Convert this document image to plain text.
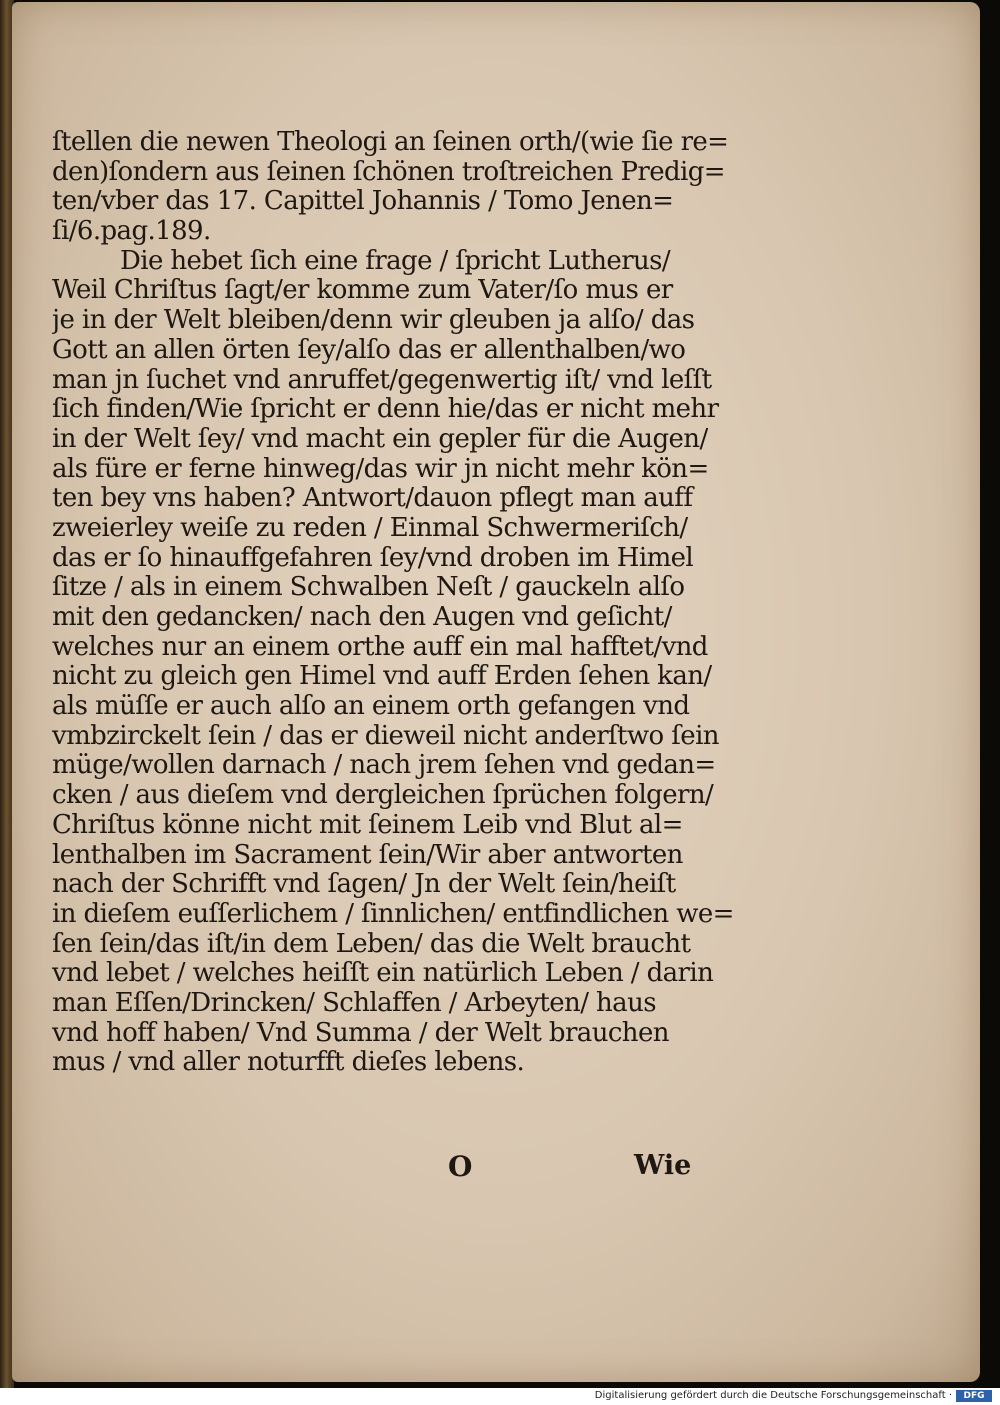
ſtellen die newen Theologi an ſeinen orth/(wie ſie re=
den)ſondern aus ſeinen ſchönen troſtreichen Predig=
ten/vber das 17. Capittel Johannis / Tomo Jenen=
ſi/6.pag.189.
Die hebet ſich eine frage / ſpricht Lutherus/
Weil Chriſtus ſagt/er komme zum Vater/ſo mus er
je in der Welt bleiben/denn wir gleuben ja alſo/ das
Gott an allen örten ſey/alſo das er allenthalben/wo
man jn ſuchet vnd anruffet/gegenwertig iſt/ vnd leſſt
ſich finden/Wie ſpricht er denn hie/das er nicht mehr
in der Welt ſey/ vnd macht ein gepler für die Augen/
als füre er ferne hinweg/das wir jn nicht mehr kön=
ten bey vns haben? Antwort/dauon pflegt man auff
zweierley weiſe zu reden / Einmal Schwermeriſch/
das er ſo hinauffgefahren ſey/vnd droben im Himel
ſitze / als in einem Schwalben Neſt / gauckeln alſo
mit den gedancken/ nach den Augen vnd geſicht/
welches nur an einem orthe auff ein mal hafftet/vnd
nicht zu gleich gen Himel vnd auff Erden ſehen kan/
als müſſe er auch alſo an einem orth gefangen vnd
vmbzirckelt ſein / das er dieweil nicht anderſtwo ſein
müge/wollen darnach / nach jrem ſehen vnd gedan=
cken / aus dieſem vnd dergleichen ſprüchen folgern/
Chriſtus könne nicht mit ſeinem Leib vnd Blut al=
lenthalben im Sacrament ſein/Wir aber antworten
nach der Schrifft vnd ſagen/ Jn der Welt ſein/heiſt
in dieſem euſſerlichem / ſinnlichen/ entfindlichen we=
ſen ſein/das iſt/in dem Leben/ das die Welt braucht
vnd lebet / welches heiſſt ein natürlich Leben / darin
man Eſſen/Drincken/ Schlaffen / Arbeyten/ haus
vnd hoff haben/ Vnd Summa / der Welt brauchen
mus / vnd aller noturfft dieſes lebens.
O	Wie
Digitalisierung gefördert durch die Deutsche Forschungsgemeinschaft ·	DFG
